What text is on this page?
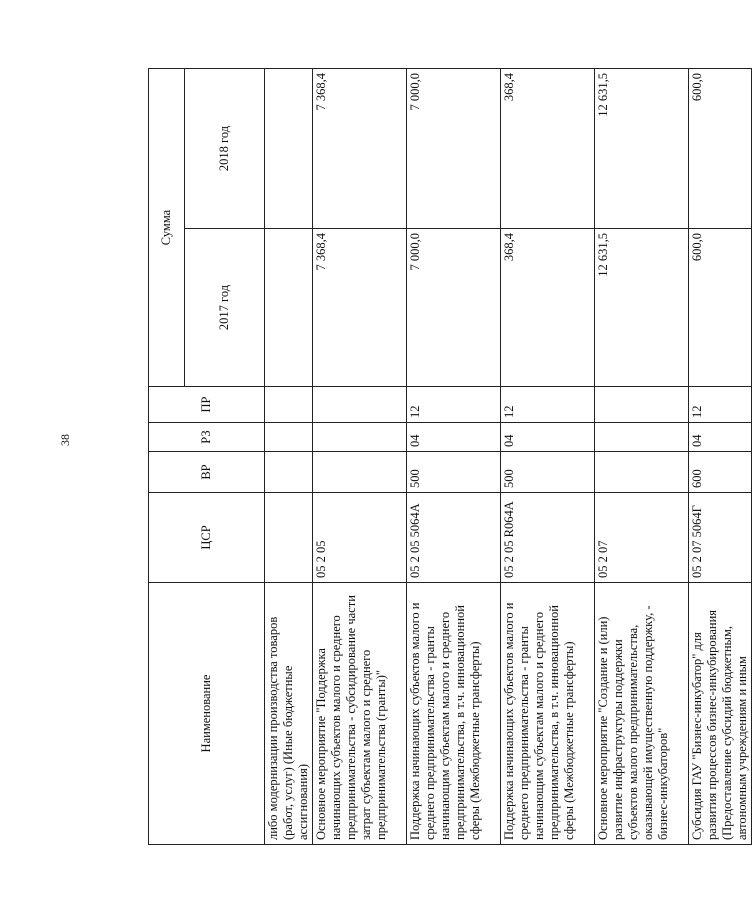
38
Наименование	ЦСР	ВР	РЗ	ПР	Сумма	
					2017 год	2018 год
либо модернизации производства товаров (работ, услуг) (Иные бюджетные ассигнования)						
Основное мероприятие "Поддержка начинающих субъектов малого и среднего предпринимательства - субсидирование части затрат субъектам малого и среднего предпринимательства (гранты)"	05 2 05				7 368,4	7 368,4
Поддержка начинающих субъектов малого и среднего предпринимательства - гранты начинающим субъектам малого и среднего предпринимательства, в т.ч. инновационной сферы (Межбюджетные трансферты)	05 2 05 5064А	500	04	12	7 000,0	7 000,0
Поддержка начинающих субъектов малого и среднего предпринимательства - гранты начинающим субъектам малого и среднего предпринимательства, в т.ч. инновационной сферы (Межбюджетные трансферты)	05 2 05 R064А	500	04	12	368,4	368,4
Основное мероприятие "Создание и (или) развитие инфраструктуры поддержки субъектов малого предпринимательства, оказывающей имущественную поддержку, - бизнес-инкубаторов"	05 2 07				12 631,5	12 631,5
Субсидия ГАУ "Бизнес-инкубатор" для развития процессов бизнес-инкубирования (Предоставление субсидий бюджетным, автономным учреждениям и иным	05 2 07 5064Г	600	04	12	600,0	600,0
